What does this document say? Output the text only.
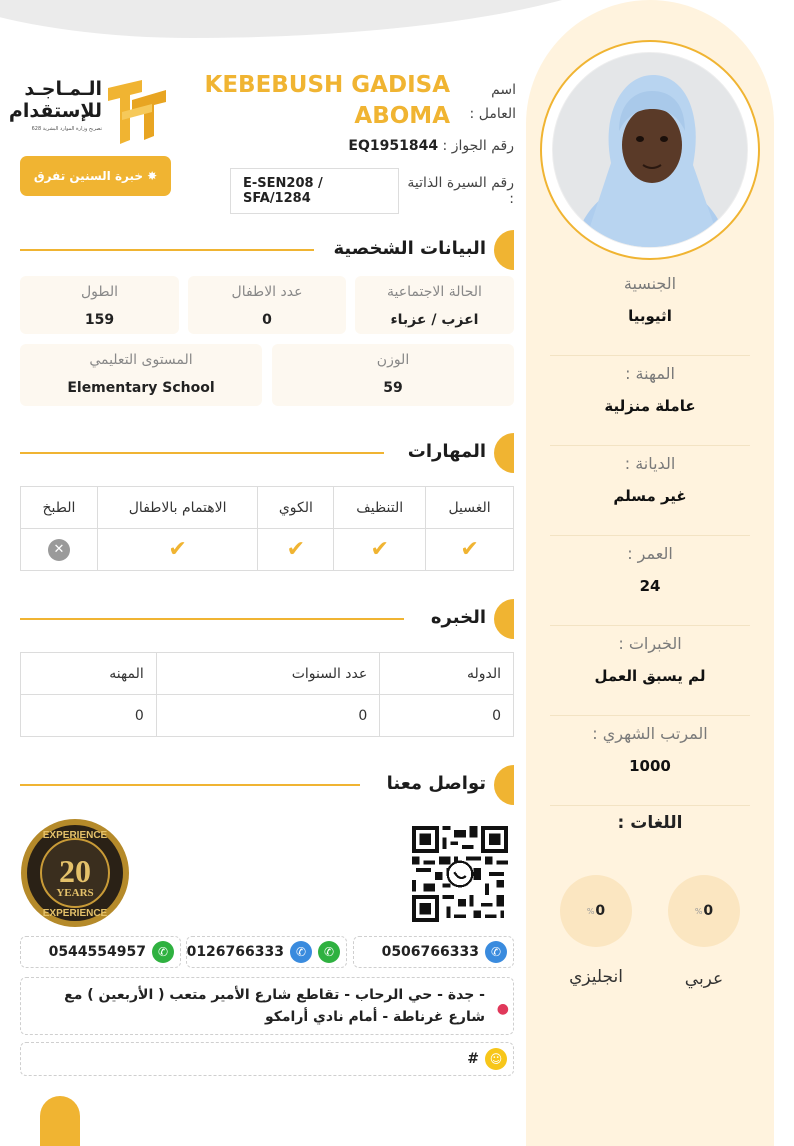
الجنسية
اثيوبيا
المهنة :
عاملة منزلية
الديانة :
غير مسلم
العمر :
24
الخبرات :
لم يسبق العمل
المرتب الشهري :
1000
اللغات :
% 0
% 0
عربي
انجليزي
الـمـاجـد
للإستقدام
تصريح وزارة الموارد البشرية 628
✸
خبرة السنين تفرق
اسم العامل :
KEBEBUSH GADISA ABOMA
رقم الجواز : EQ1951844
رقم السيرة الذاتية :
E-SEN208 / SFA/1284
البيانات الشخصية
الحالة الاجتماعية
اعزب / عزباء
عدد الاطفال
0
الطول
159
الوزن
59
المستوى التعليمي
Elementary School
المهارات
الطبخ	الاهتمام بالاطفال	الكوي	التنظيف	الغسيل
✕	✔	✔	✔	✔
الخبره
المهنه	عدد السنوات	الدوله
0	0	0
تواصل معنا
EXPERIENCE
20
YEARS
EXPERIENCE
0506766333 ✆
0126766333 ✆	✆
0544554957 ✆
●
- جدة - حي الرحاب - تقاطع شارع الأمير متعب ( الأربعين ) مع شارع غرناطة - أمام نادي أرامكو
# ☺
